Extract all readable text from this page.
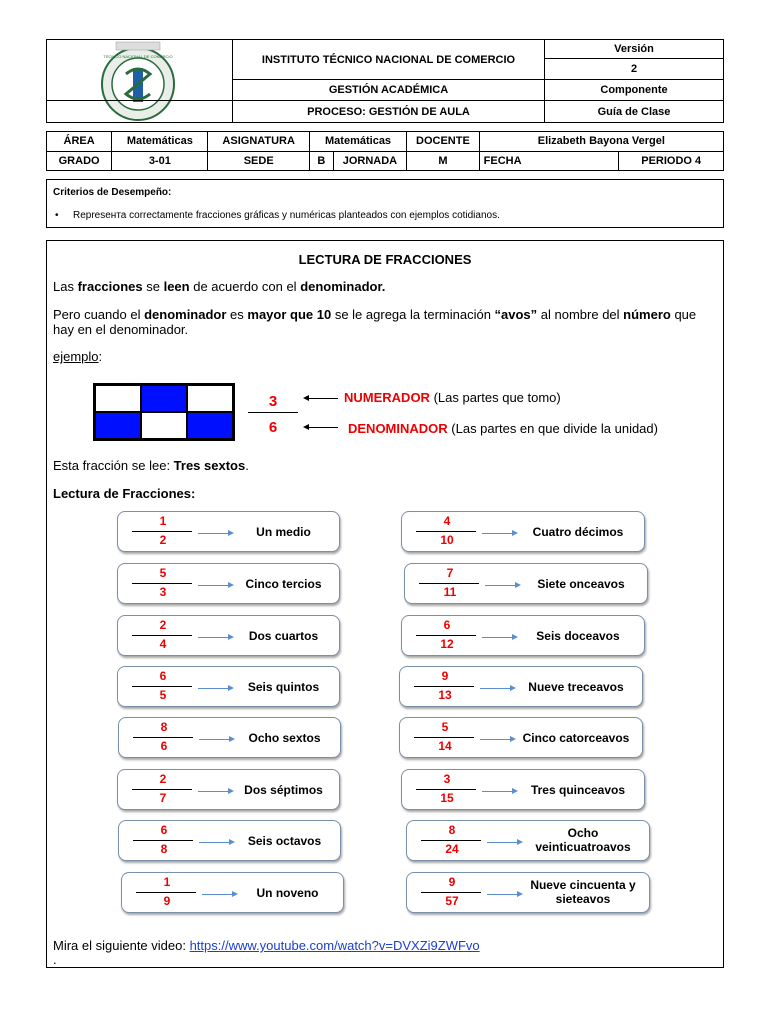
TÉCNICO NACIONAL DE COMERCIO
		INSTITUTO TÉCNICO NACIONAL DE COMERCIO	Versión
		2
	GESTIÓN ACADÉMICA	Componente
	PROCESO: GESTIÓN DE AULA	Guía de Clase
ÁREA	Matemáticas	ASIGNATURA	Matemáticas		DOCENTE	Elizabeth Bayona Vergel	
GRADO	3-01	SEDE	B	JORNADA	M	FECHA	PERIODO 4
Criterios de Desempeño:
• Represента correctamente fracciones gráficas y numéricas planteados con ejemplos cotidianos.
LECTURA DE FRACCIONES
Las fracciones se leen de acuerdo con el denominador.
Pero cuando el denominador es mayor que 10 se le agrega la terminación “avos” al nombre del número que hay en el denominador.
ejemplo:
3
6
NUMERADOR (Las partes que tomo)
DENOMINADOR (Las partes en que divide la unidad)
Esta fracción se lee: Tres sextos.
Lectura de Fracciones:
1
2
Un medio
5
3
Cinco tercios
2
4
Dos cuartos
6
5
Seis quintos
8
6
Ocho sextos
2
7
Dos séptimos
6
8
Seis octavos
1
9
Un noveno
4
10
Cuatro décimos
7
11
Siete onceavos
6
12
Seis doceavos
9
13
Nueve treceavos
5
14
Cinco catorceavos
3
15
Tres quinceavos
8
24
Ocho veinticuatroavos
9
57
Nueve cincuenta y sieteavos
Mira el siguiente video: https://www.youtube.com/watch?v=DVXZi9ZWFvo
.
